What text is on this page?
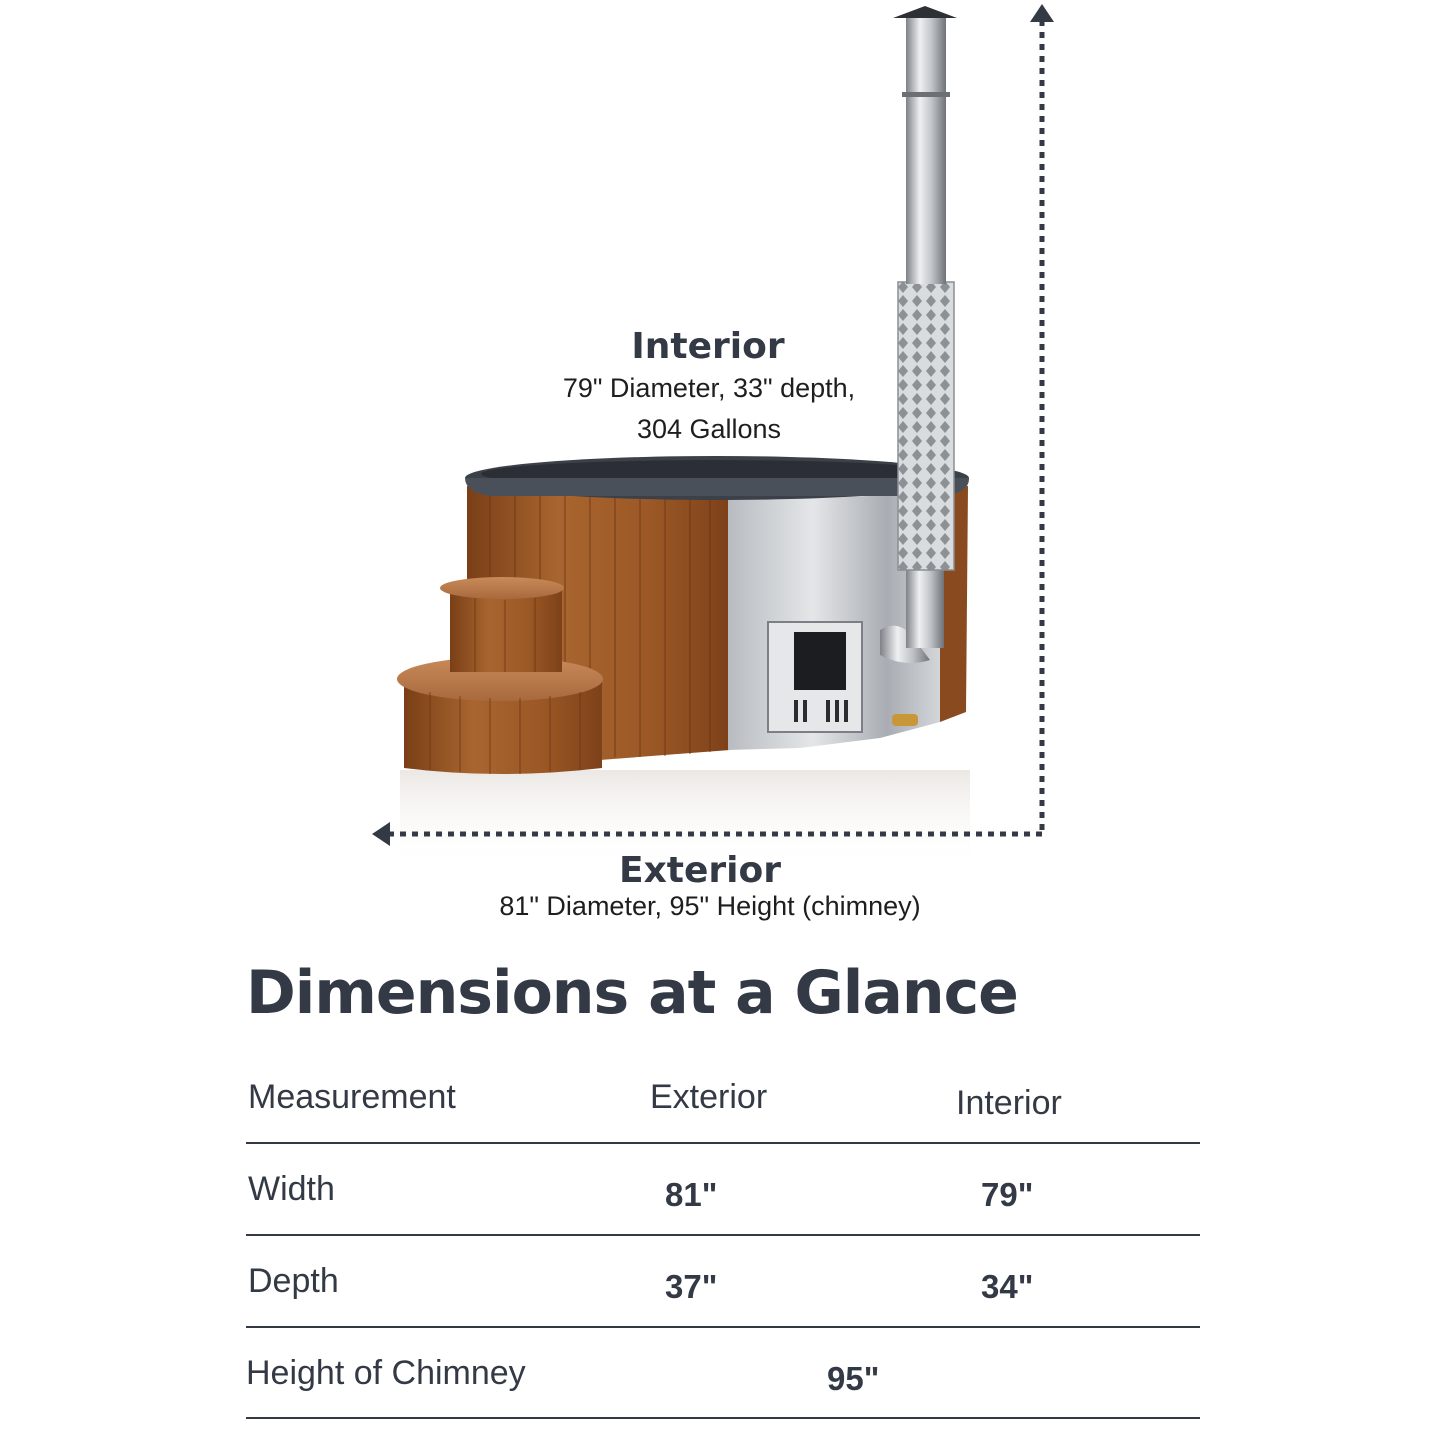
Interior
79" Diameter, 33" depth,
304 Gallons
Exterior
81" Diameter, 95" Height (chimney)
Dimensions at a Glance
Measurement	Exterior	Interior
Width	81"	79"
Depth	37"	34"
Height of Chimney	95"
